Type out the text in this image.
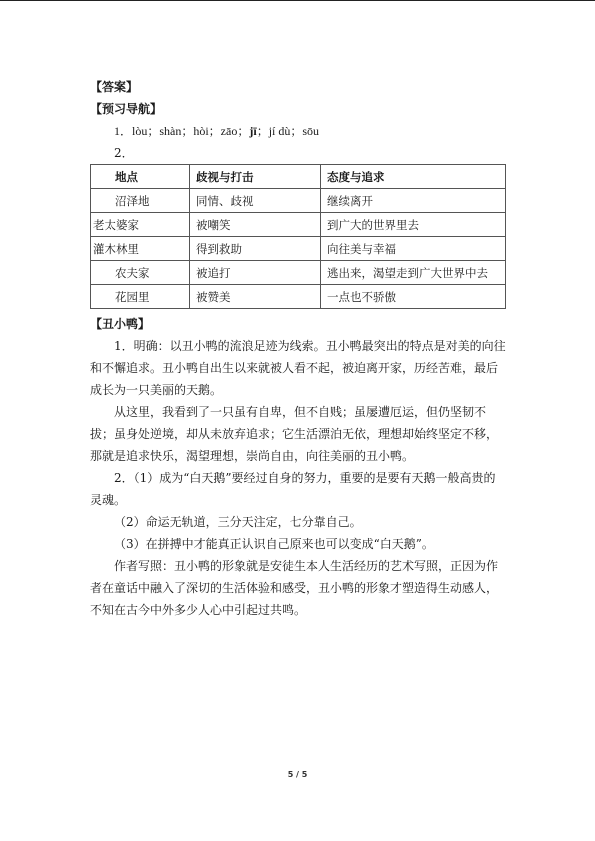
【答案】
【预习导航】
1．lòu；shàn；hòi；zāo；jī；jí dù；sōu
2．
地点	歧视与打击	态度与追求
沼泽地	同情、歧视	继续离开
老太婆家	被嘲笑	到广大的世界里去
灌木林里	得到救助	向往美与幸福
农夫家	被追打	逃出来，渴望走到广大世界中去
花园里	被赞美	一点也不骄傲
【丑小鸭】

1．明确：以丑小鸭的流浪足迹为线索。丑小鸭最突出的特点是对美的向往和不懈追求。丑小鸭自出生以来就被人看不起，被迫离开家，历经苦难，最后成长为一只美丽的天鹅。

从这里，我看到了一只虽有自卑，但不自贱；虽屡遭厄运，但仍坚韧不拔；虽身处逆境，却从未放弃追求；它生活漂泊无依，理想却始终坚定不移，那就是追求快乐，渴望理想，崇尚自由，向往美丽的丑小鸭。

2．（1）成为“白天鹅”要经过自身的努力，重要的是要有天鹅一般高贵的灵魂。

（2）命运无轨道，三分天注定，七分靠自己。

（3）在拼搏中才能真正认识自己原来也可以变成“白天鹅”。

作者写照：丑小鸭的形象就是安徒生本人生活经历的艺术写照，正因为作者在童话中融入了深切的生活体验和感受，丑小鸭的形象才塑造得生动感人，不知在古今中外多少人心中引起过共鸣。

5 / 5
